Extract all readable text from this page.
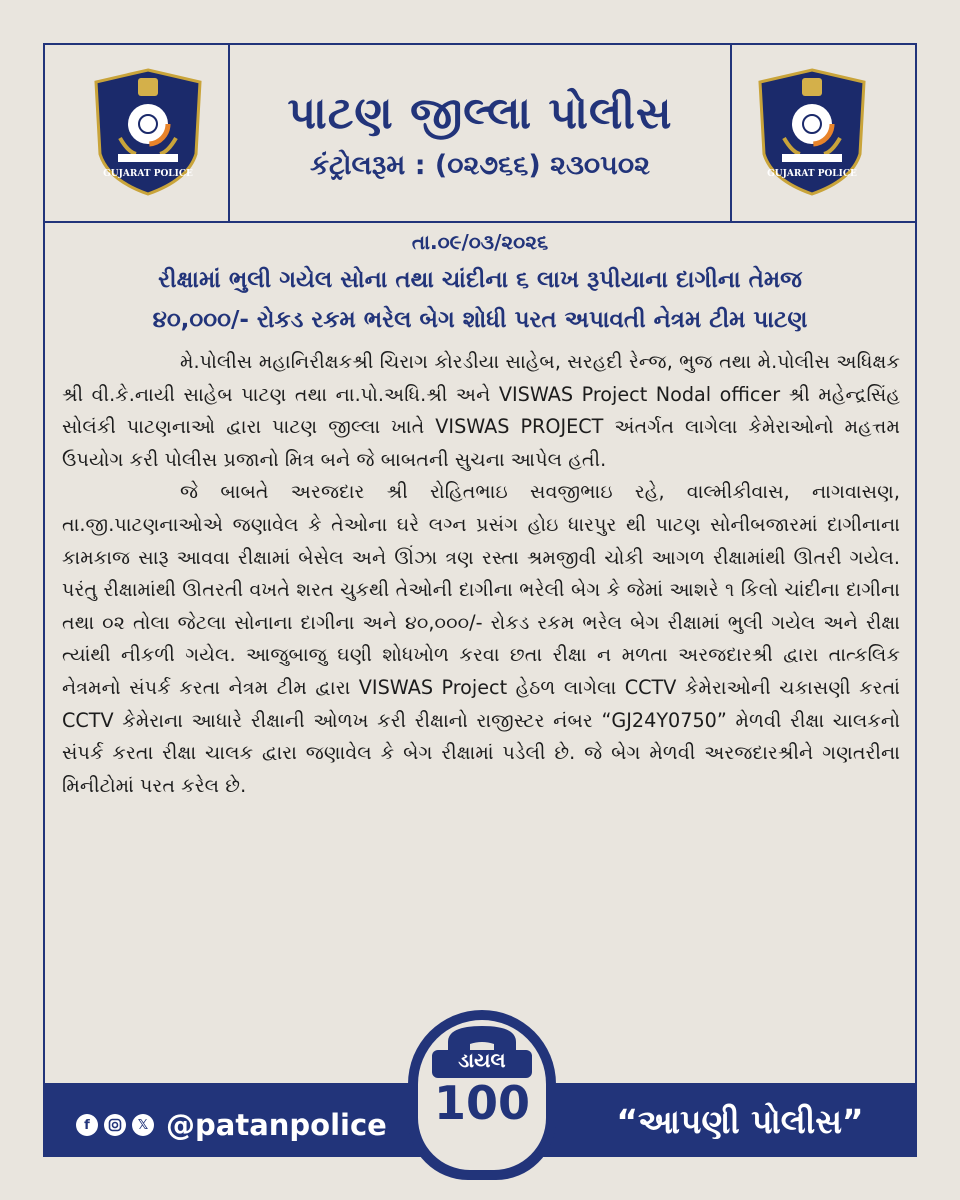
GUJARAT POLICE	GUJARAT POLICE
પાટણ જીલ્લા પોલીસ
કંટ્રોલરૂમ : (૦૨૭૬૬) ૨૩૦૫૦૨
તા.૦૯/૦૩/૨૦૨૬
રીક્ષામાં ભુલી ગયેલ સોના તથા ચાંદીના ૬ લાખ રૂપીયાના દાગીના તેમજ
૪૦,૦૦૦/- રોકડ રકમ ભરેલ બેગ શોધી પરત અપાવતી નેત્રમ ટીમ પાટણ

મે.પોલીસ મહાનિરીક્ષકશ્રી ચિરાગ કોરડીયા સાહેબ, સરહદી રેન્જ, ભુજ તથા મે.પોલીસ અધિક્ષક શ્રી વી.કે.નાયી સાહેબ પાટણ તથા ના.પો.અધિ.શ્રી અને VISWAS Project Nodal officer શ્રી મહેન્દ્રસિંહ સોલંકી પાટણનાઓ દ્વારા પાટણ જીલ્લા ખાતે VISWAS PROJECT અંતર્ગત લાગેલા કેમેરાઓનો મહત્તમ ઉપયોગ કરી પોલીસ પ્રજાનો મિત્ર બને જે બાબતની સુચના આપેલ હતી.

જે બાબતે અરજદાર શ્રી રોહિતભાઇ સવજીભાઇ રહે, વાલ્મીકીવાસ, નાગવાસણ, તા.જી.પાટણનાઓએ જણાવેલ કે તેઓના ઘરે લગ્ન પ્રસંગ હોઇ ધારપુર થી પાટણ સોનીબજારમાં દાગીનાના કામકાજ સારૂ આવવા રીક્ષામાં બેસેલ અને ઊંઝા ત્રણ રસ્તા શ્રમજીવી ચોકી આગળ રીક્ષામાંથી ઊતરી ગયેલ. પરંતુ રીક્ષામાંથી ઊતરતી વખતે શરત ચુકથી તેઓની દાગીના ભરેલી બેગ કે જેમાં આશરે ૧ કિલો ચાંદીના દાગીના તથા ૦૨ તોલા જેટલા સોનાના દાગીના અને ૪૦,૦૦૦/- રોકડ રકમ ભરેલ બેગ રીક્ષામાં ભુલી ગયેલ અને રીક્ષા ત્યાંથી નીકળી ગયેલ. આજુબાજુ ઘણી શોધખોળ કરવા છતા રીક્ષા ન મળતા અરજદારશ્રી દ્વારા તાત્કલિક નેત્રમનો સંપર્ક કરતા નેત્રમ ટીમ દ્વારા VISWAS Project હેઠળ લાગેલા CCTV કેમેરાઓની ચકાસણી કરતાં CCTV કેમેરાના આધારે રીક્ષાની ઓળખ કરી રીક્ષાનો રાજીસ્ટર નંબર “GJ24Y0750” મેળવી રીક્ષા ચાલકનો સંપર્ક કરતા રીક્ષા ચાલક દ્વારા જણાવેલ કે બેગ રીક્ષામાં પડેલી છે. જે બેગ મેળવી અરજદારશ્રીને ગણતરીના મિનીટોમાં પરત કરેલ છે.

ડાયલ
100
f	𝕏 @patanpolice	“આપણી પોલીસ”
